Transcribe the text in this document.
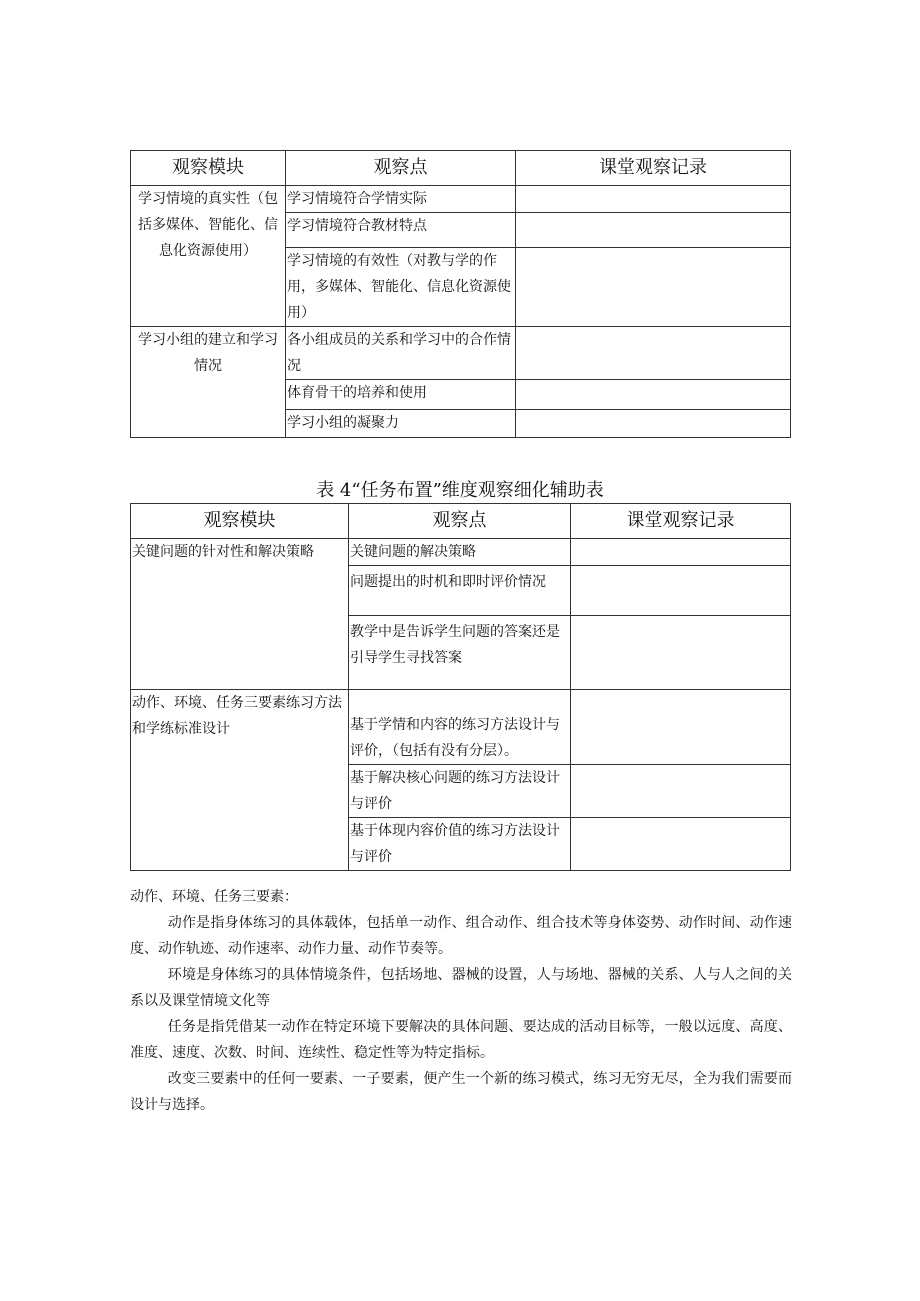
观察模块	观察点	课堂观察记录
学习情境的真实性（包括多媒体、智能化、信息化资源使用）	学习情境符合学情实际	
	学习情境符合教材特点	
	学习情境的有效性（对教与学的作用，多媒体、智能化、信息化资源使用）	
学习小组的建立和学习情况	各小组成员的关系和学习中的合作情况	
	体育骨干的培养和使用	
	学习小组的凝聚力	
表 4“任务布置”维度观察细化辅助表
观察模块	观察点	课堂观察记录
关键问题的针对性和解决策略	关键问题的解决策略	
	问题提出的时机和即时评价情况	
	教学中是告诉学生问题的答案还是引导学生寻找答案	
动作、环境、任务三要素练习方法和学练标准设计	基于学情和内容的练习方法设计与评价，（包括有没有分层）。	
	基于解决核心问题的练习方法设计与评价	
	基于体现内容价值的练习方法设计与评价	

动作、环境、任务三要素：

动作是指身体练习的具体载体，包括单一动作、组合动作、组合技术等身体姿势、动作时间、动作速度、动作轨迹、动作速率、动作力量、动作节奏等。

环境是身体练习的具体情境条件，包括场地、器械的设置，人与场地、器械的关系、人与人之间的关系以及课堂情境文化等

任务是指凭借某一动作在特定环境下要解决的具体问题、要达成的活动目标等，一般以远度、高度、准度、速度、次数、时间、连续性、稳定性等为特定指标。

改变三要素中的任何一要素、一子要素，便产生一个新的练习模式，练习无穷无尽，全为我们需要而设计与选择。
